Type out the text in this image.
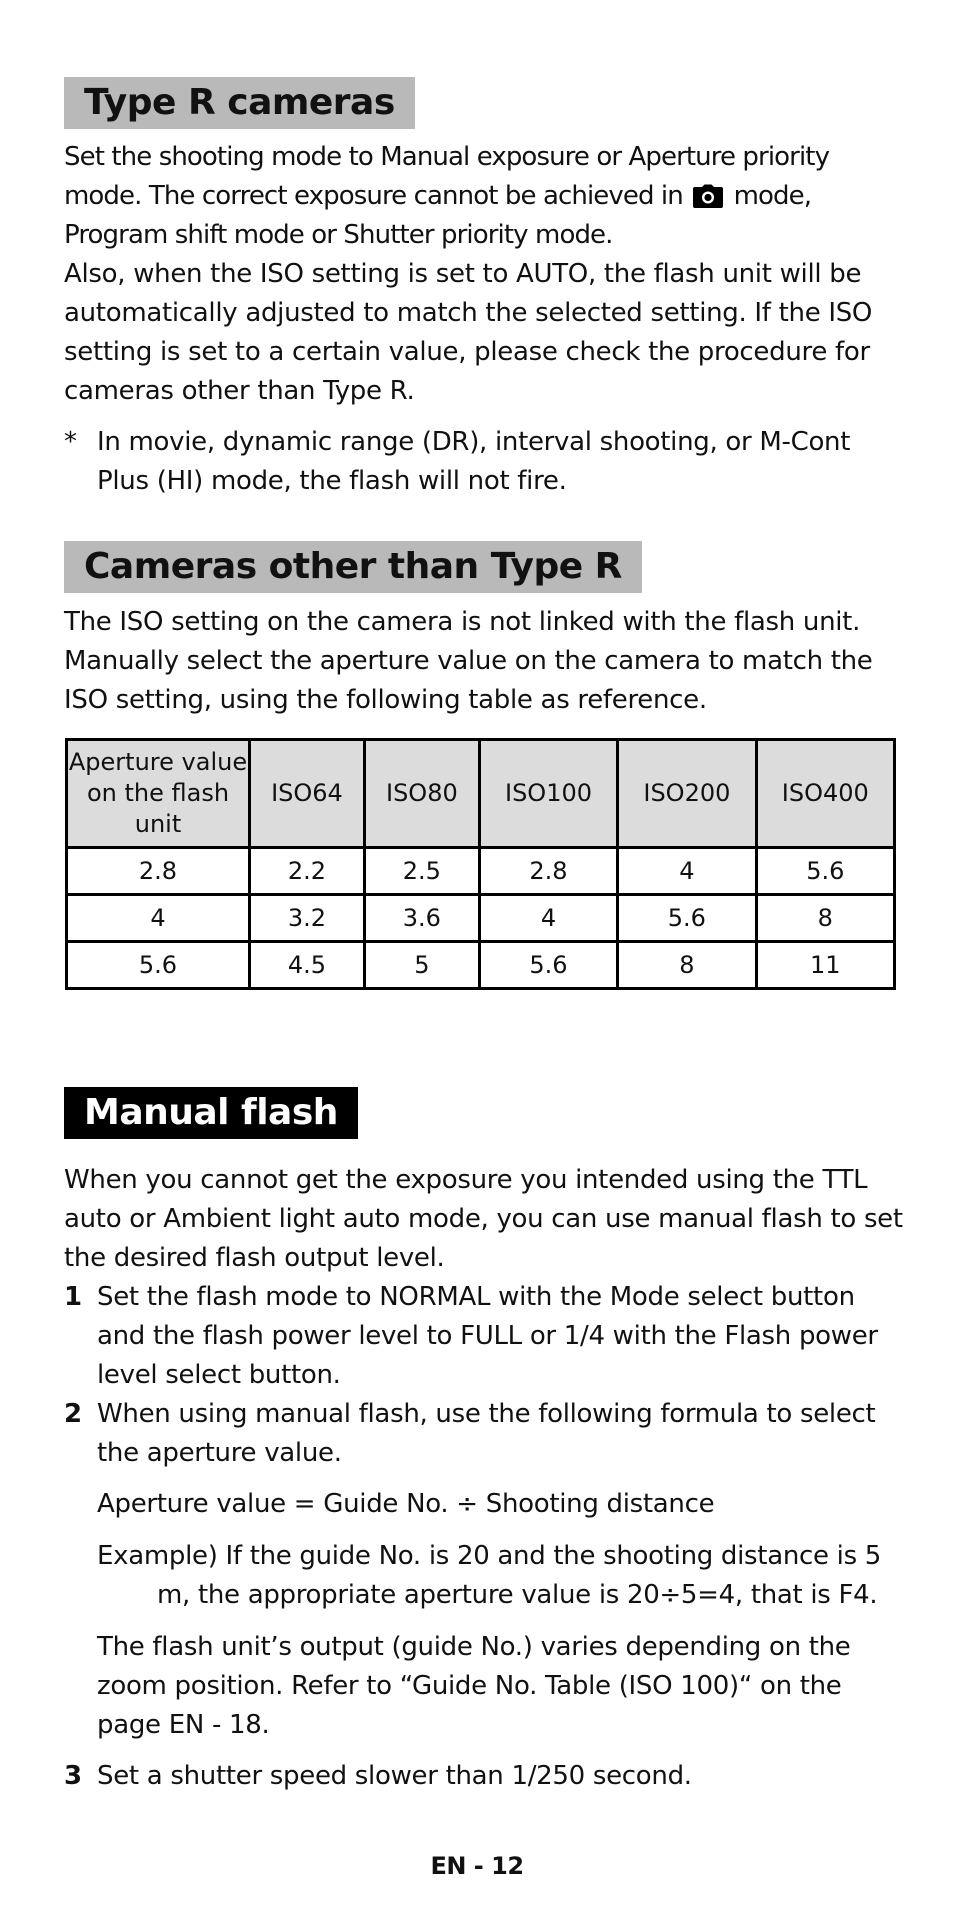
Type R cameras
Set the shooting mode to Manual exposure or Aperture priority mode. The correct exposure cannot be achieved in mode, Program shift mode or Shutter priority mode.
Also, when the ISO setting is set to AUTO, the flash unit will be automatically adjusted to match the selected setting. If the ISO setting is set to a certain value, please check the procedure for cameras other than Type R.
* In movie, dynamic range (DR), interval shooting, or M-Cont Plus (HI) mode, the flash will not fire.
Cameras other than Type R
The ISO setting on the camera is not linked with the flash unit. Manually select the aperture value on the camera to match the ISO setting, using the following table as reference.
Aperture value on the flash unit	ISO64	ISO80	ISO100	ISO200	ISO400
2.8	2.2	2.5	2.8	4	5.6
4	3.2	3.6	4	5.6	8
5.6	4.5	5	5.6	8	11
Manual flash
When you cannot get the exposure you intended using the TTL auto or Ambient light auto mode, you can use manual flash to set the desired flash output level.
1 Set the flash mode to NORMAL with the Mode select button and the flash power level to FULL or 1/4 with the Flash power level select button.
2 When using manual flash, use the following formula to select the aperture value.
Aperture value = Guide No. ÷ Shooting distance
Example) If the guide No. is 20 and the shooting distance is 5
m, the appropriate aperture value is 20÷5=4, that is F4.
The flash unit’s output (guide No.) varies depending on the zoom position. Refer to “Guide No. Table (ISO 100)“ on the page EN - 18.
3 Set a shutter speed slower than 1/250 second.
EN - 12
